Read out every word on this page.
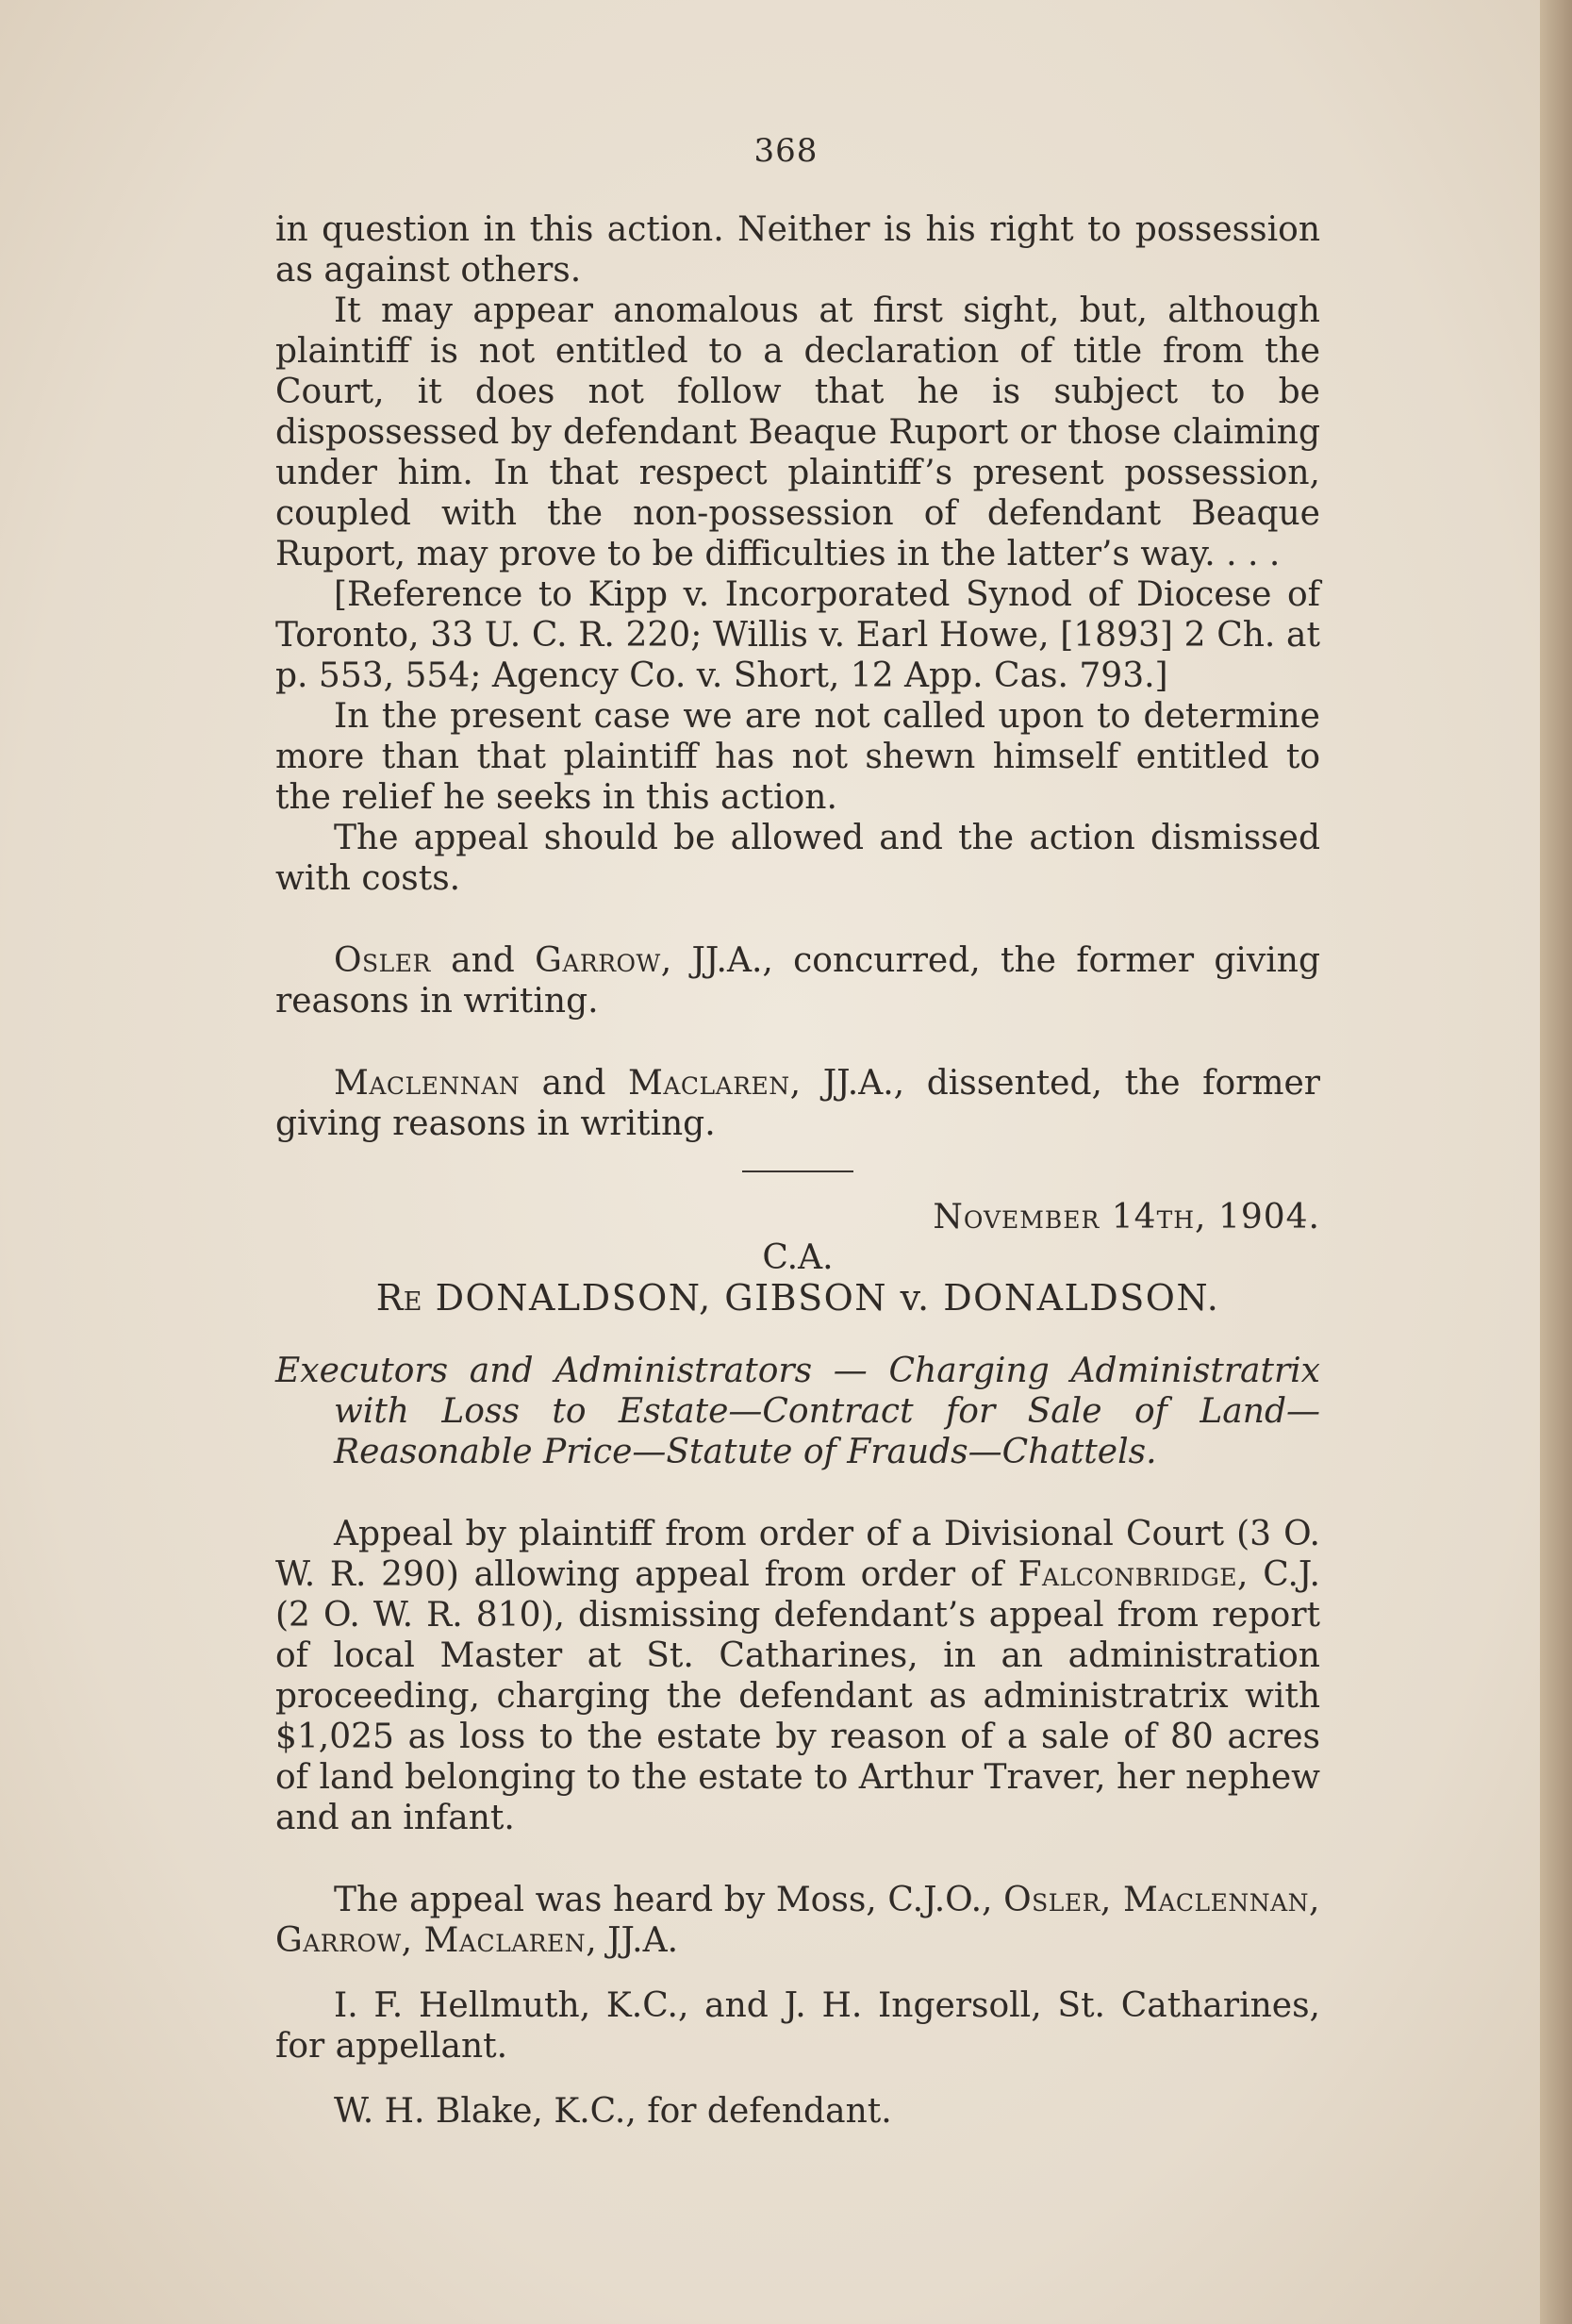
368

in question in this action. Neither is his right to possession as against others.

It may appear anomalous at first sight, but, although plaintiff is not entitled to a declaration of title from the Court, it does not follow that he is subject to be dispossessed by defendant Beaque Ruport or those claiming under him. In that respect plaintiff’s present possession, coupled with the non-possession of defendant Beaque Ruport, may prove to be difficulties in the latter’s way. . . .

[Reference to Kipp v. Incorporated Synod of Diocese of Toronto, 33 U. C. R. 220; Willis v. Earl Howe, [1893] 2 Ch. at p. 553, 554; Agency Co. v. Short, 12 App. Cas. 793.]

In the present case we are not called upon to determine more than that plaintiff has not shewn himself entitled to the relief he seeks in this action.

The appeal should be allowed and the action dismissed with costs.

Osler and Garrow, JJ.A., concurred, the former giving reasons in writing.

Maclennan and Maclaren, JJ.A., dissented, the former giving reasons in writing.

November 14th, 1904.

C.A.

Re DONALDSON, GIBSON v. DONALDSON.

Executors and Administrators — Charging Administratrix with Loss to Estate—Contract for Sale of Land—Reasonable Price—Statute of Frauds—Chattels.

Appeal by plaintiff from order of a Divisional Court (3 O. W. R. 290) allowing appeal from order of Falconbridge, C.J. (2 O. W. R. 810), dismissing defendant’s appeal from report of local Master at St. Catharines, in an administration proceeding, charging the defendant as administratrix with $1,025 as loss to the estate by reason of a sale of 80 acres of land belonging to the estate to Arthur Traver, her nephew and an infant.

The appeal was heard by Moss, C.J.O., Osler, Maclennan, Garrow, Maclaren, JJ.A.

I. F. Hellmuth, K.C., and J. H. Ingersoll, St. Catharines, for appellant.

W. H. Blake, K.C., for defendant.
